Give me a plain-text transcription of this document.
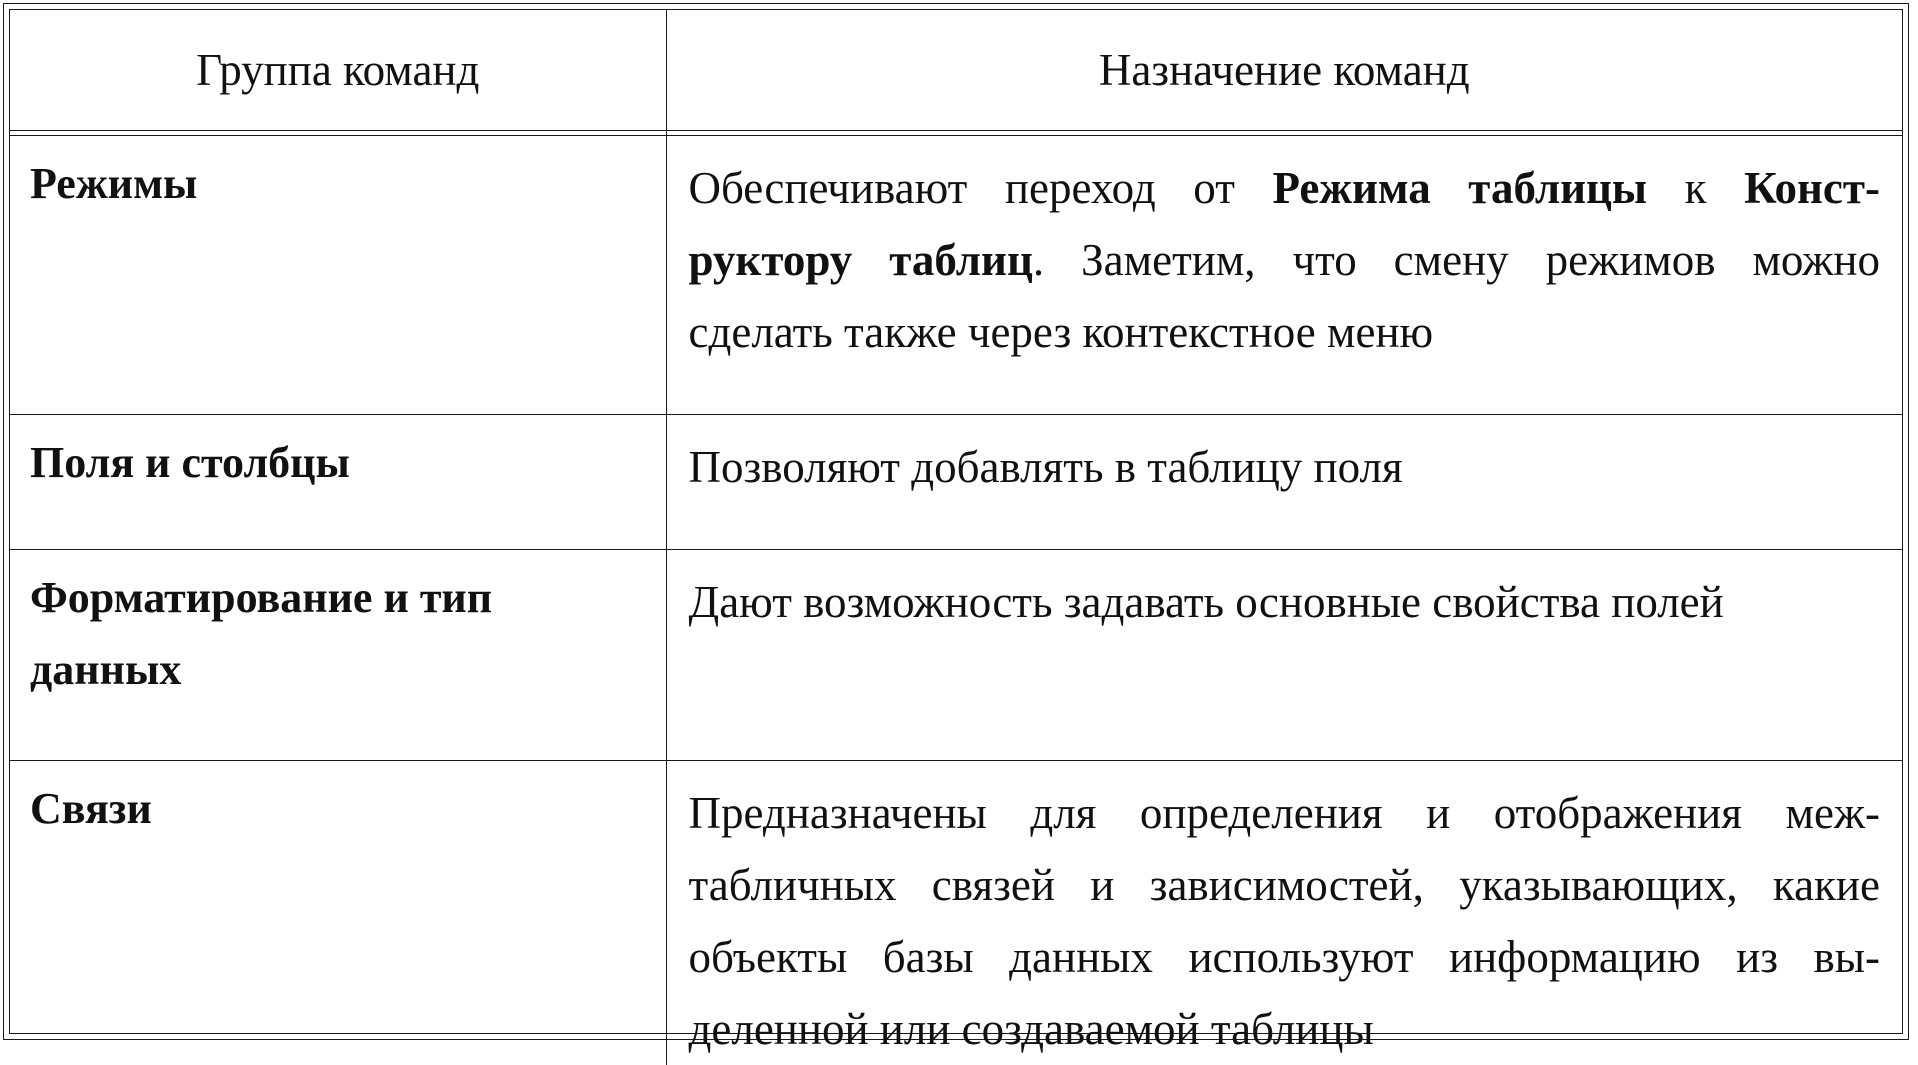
Группа команд	Назначение команд

Режимы	Обеспечивают переход от Режима таблицы к Конст-руктору таблиц. Заметим, что смену режимов можно сделать также через контекстное меню
Поля и столбцы	Позволяют добавлять в таблицу поля
Форматирование и тип данных	Дают возможность задавать основные свойства полей
Связи	Предназначены для определения и отображения меж-табличных связей и зависимостей, указывающих, какие объекты базы данных используют информацию из вы-деленной или создаваемой таблицы
